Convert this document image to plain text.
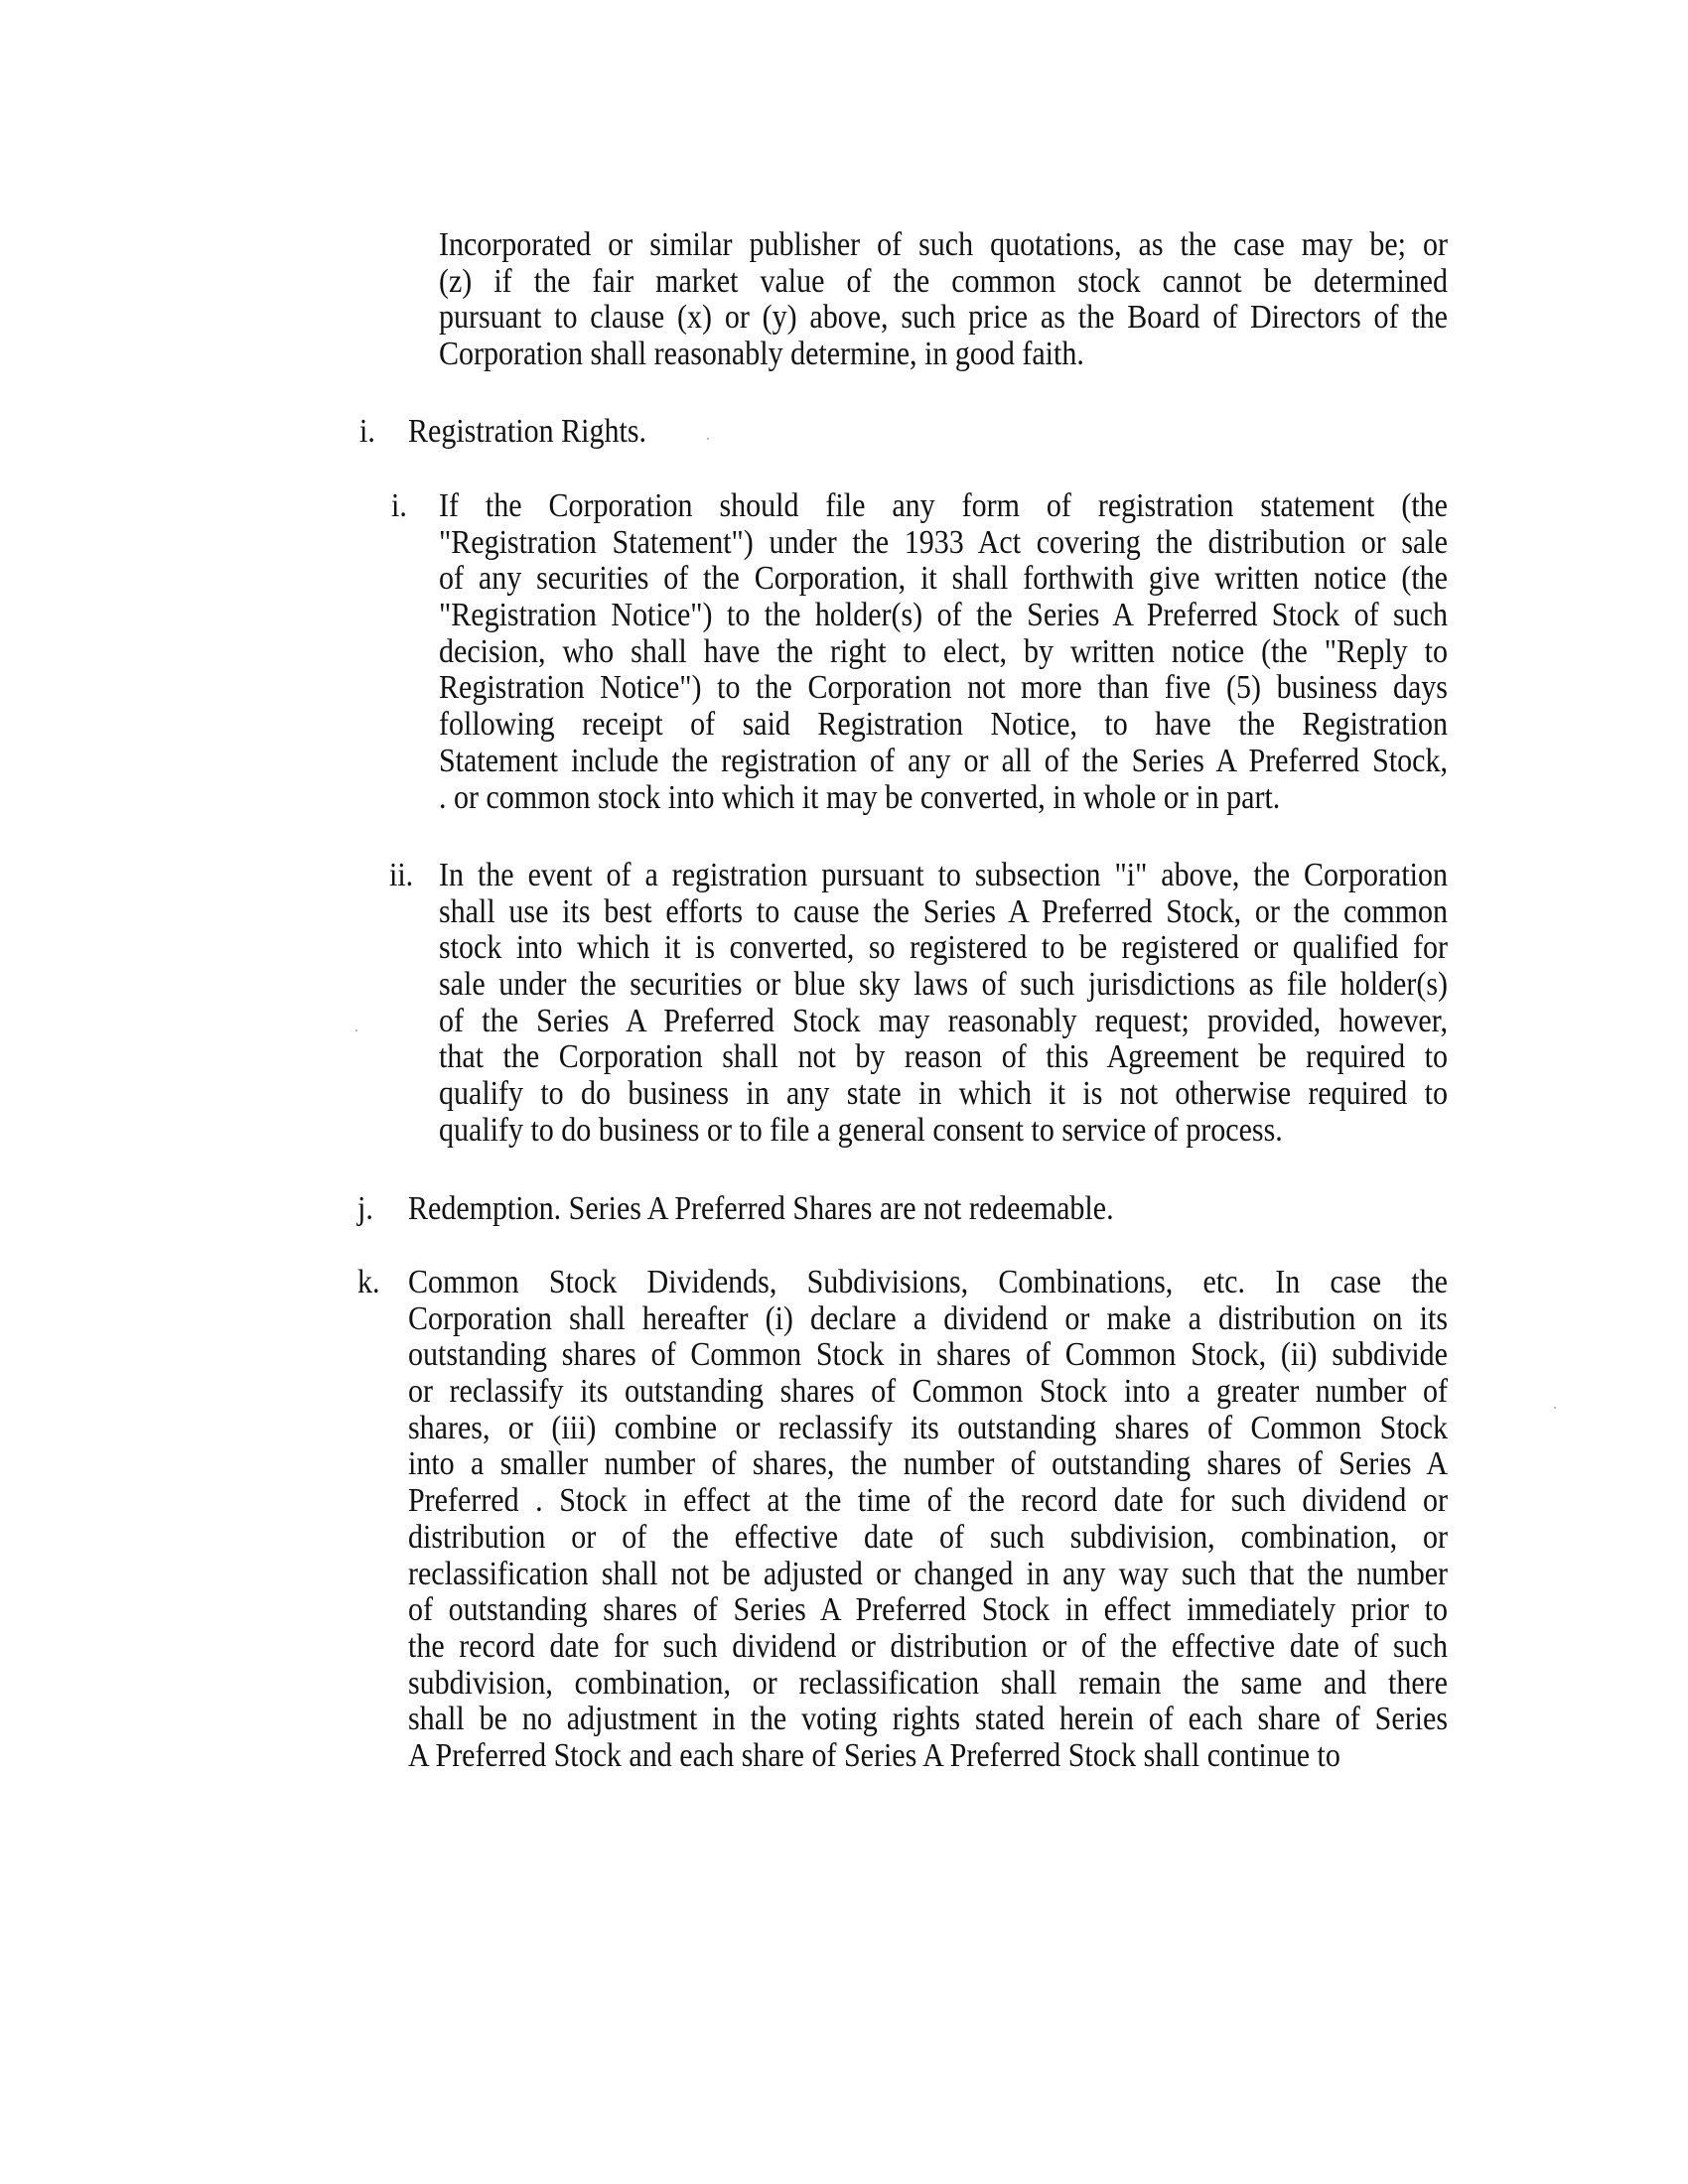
Incorporated or similar publisher of such quotations, as the case may be; or
(z) if the fair market value of the common stock cannot be determined
pursuant to clause (x) or (y) above, such price as the Board of Directors of the
Corporation shall reasonably determine, in good faith.
i. Registration Rights.
i. If the Corporation should file any form of registration statement (the
"Registration Statement") under the 1933 Act covering the distribution or sale
of any securities of the Corporation, it shall forthwith give written notice (the
"Registration Notice") to the holder(s) of the Series A Preferred Stock of such
decision, who shall have the right to elect, by written notice (the "Reply to
Registration Notice") to the Corporation not more than five (5) business days
following receipt of said Registration Notice, to have the Registration
Statement include the registration of any or all of the Series A Preferred Stock,
. or common stock into which it may be converted, in whole or in part.
ii. In the event of a registration pursuant to subsection "i" above, the Corporation
shall use its best efforts to cause the Series A Preferred Stock, or the common
stock into which it is converted, so registered to be registered or qualified for
sale under the securities or blue sky laws of such jurisdictions as file holder(s)
of the Series A Preferred Stock may reasonably request; provided, however,
that the Corporation shall not by reason of this Agreement be required to
qualify to do business in any state in which it is not otherwise required to
qualify to do business or to file a general consent to service of process.
j. Redemption. Series A Preferred Shares are not redeemable.
k. Common Stock Dividends, Subdivisions, Combinations, etc. In case the
Corporation shall hereafter (i) declare a dividend or make a distribution on its
outstanding shares of Common Stock in shares of Common Stock, (ii) subdivide
or reclassify its outstanding shares of Common Stock into a greater number of
shares, or (iii) combine or reclassify its outstanding shares of Common Stock
into a smaller number of shares, the number of outstanding shares of Series A
Preferred . Stock in effect at the time of the record date for such dividend or
distribution or of the effective date of such subdivision, combination, or
reclassification shall not be adjusted or changed in any way such that the number
of outstanding shares of Series A Preferred Stock in effect immediately prior to
the record date for such dividend or distribution or of the effective date of such
subdivision, combination, or reclassification shall remain the same and there
shall be no adjustment in the voting rights stated herein of each share of Series
A Preferred Stock and each share of Series A Preferred Stock shall continue to
